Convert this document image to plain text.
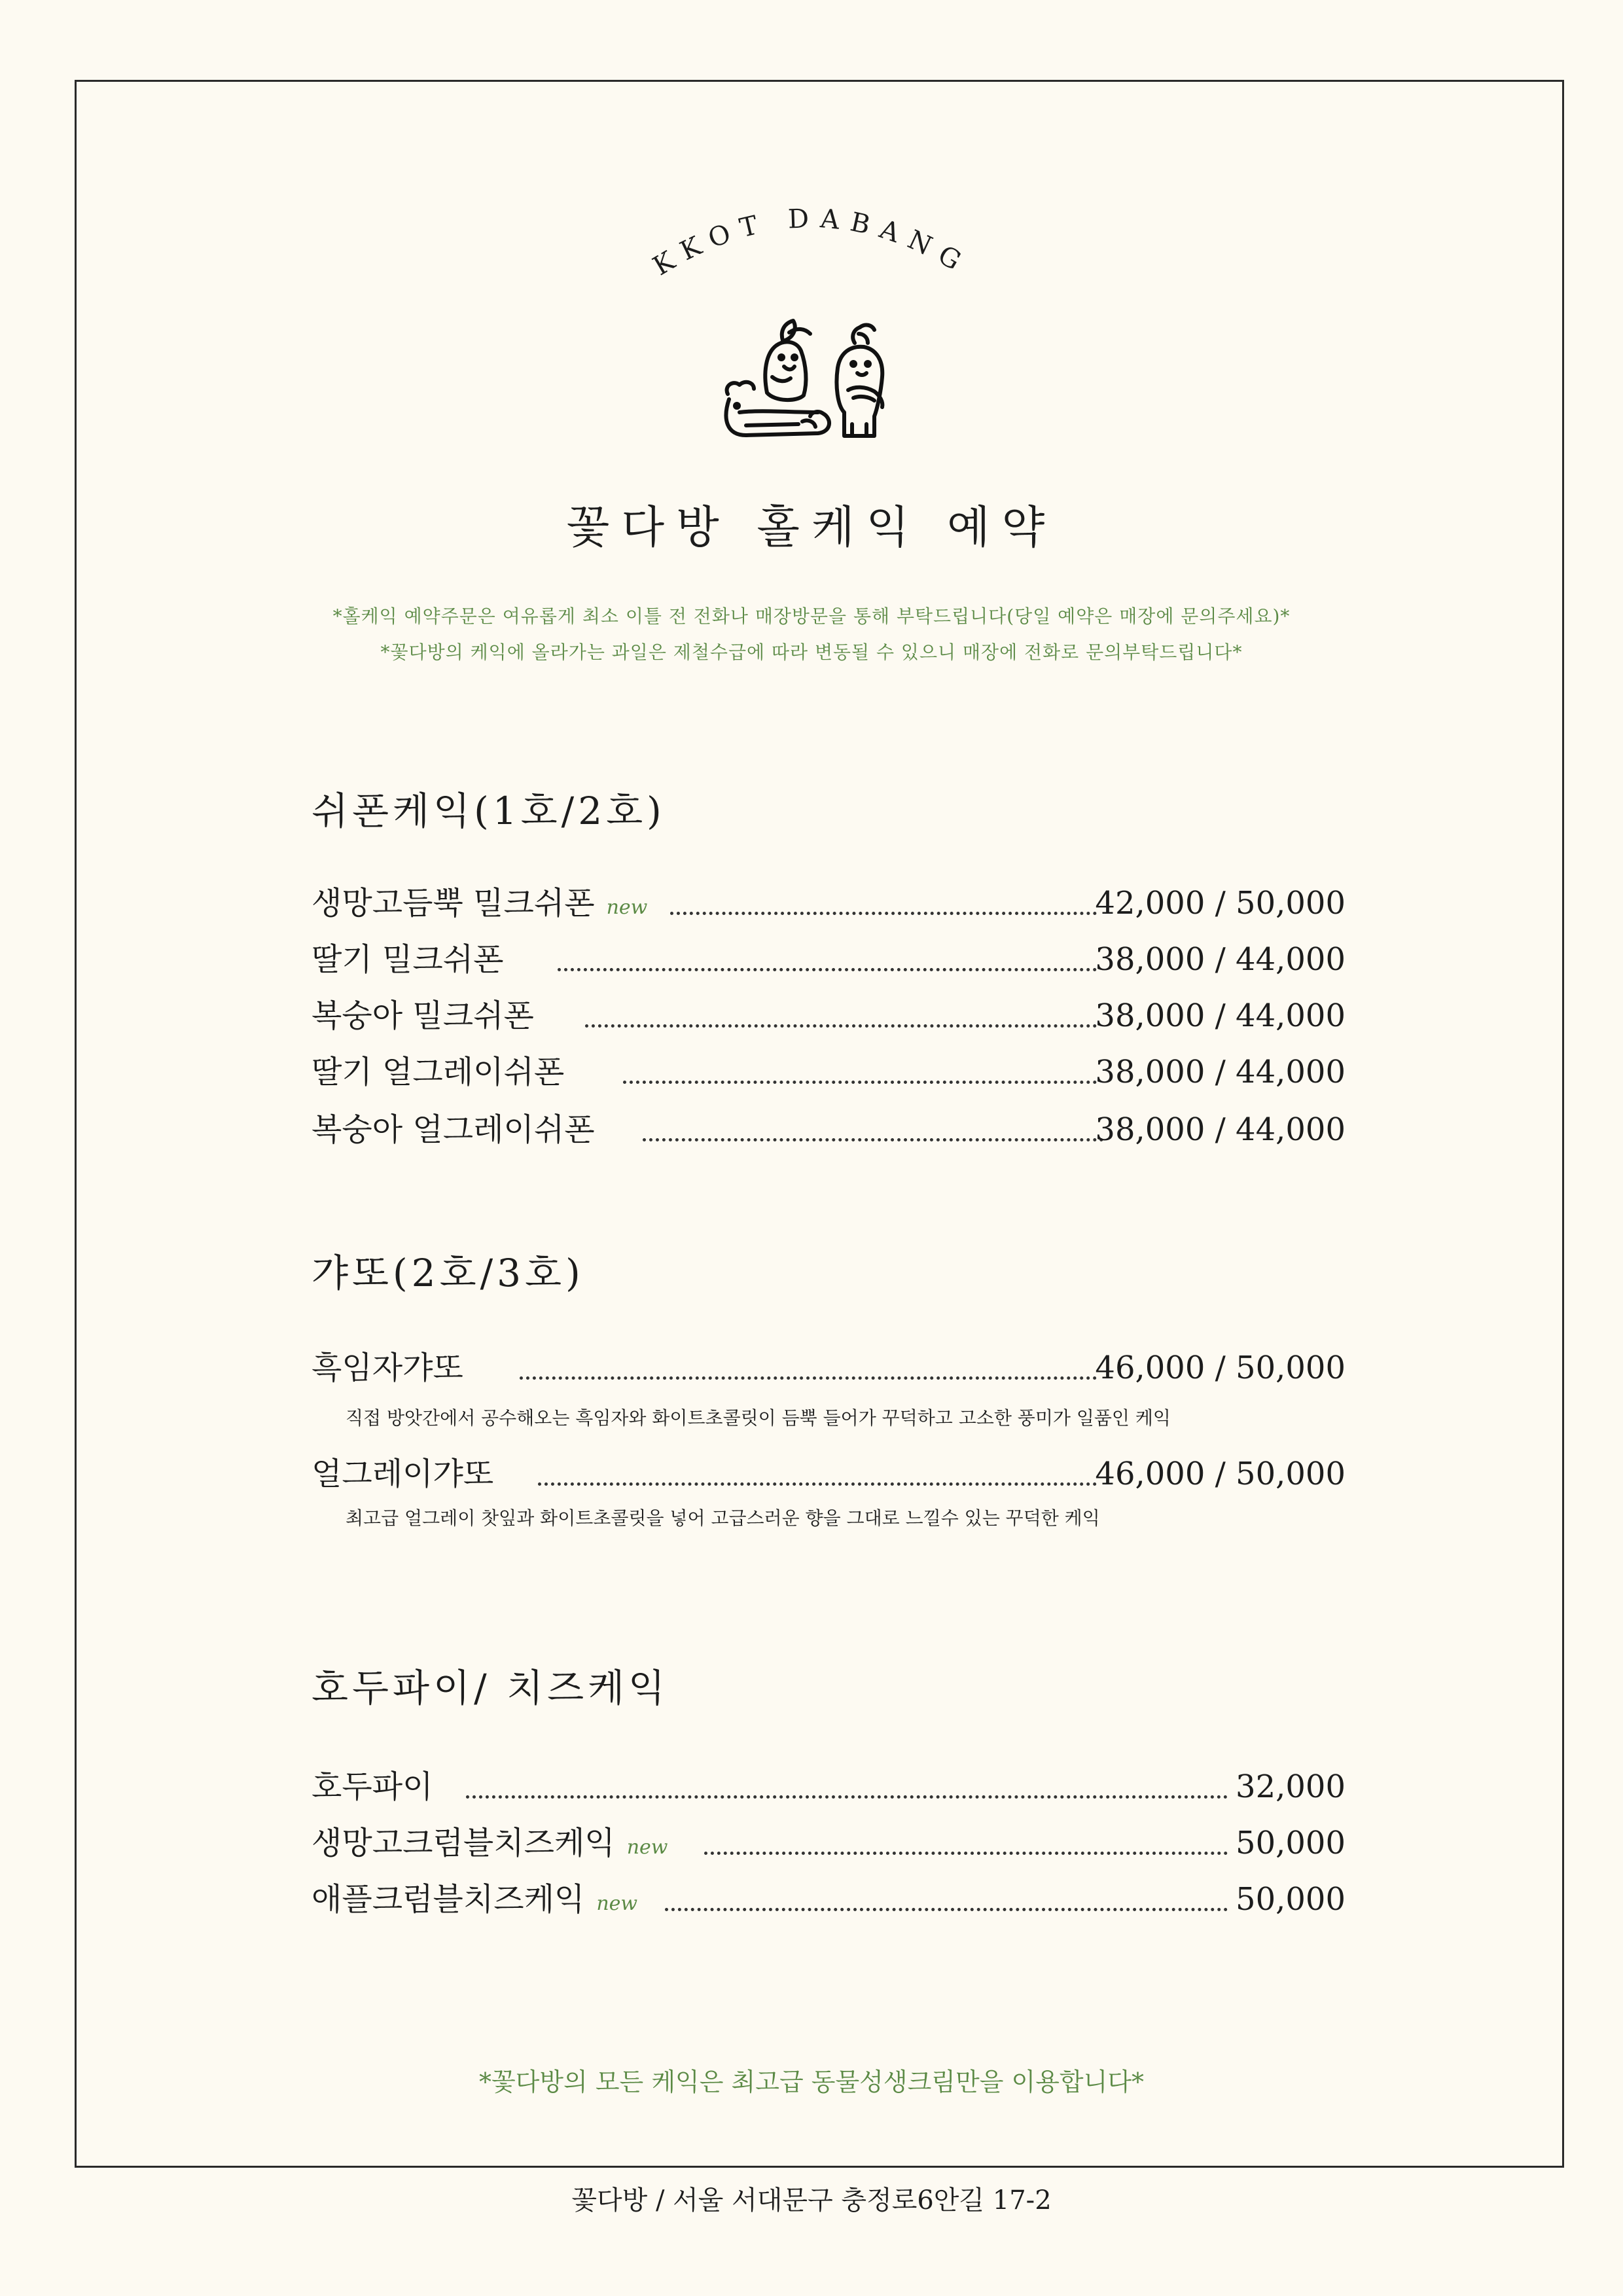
KKOT DABANG
꽃다방 홀케익 예약
*홀케익 예약주문은 여유롭게 최소 이틀 전 전화나 매장방문을 통해 부탁드립니다(당일 예약은 매장에 문의주세요)*
*꽃다방의 케익에 올라가는 과일은 제철수급에 따라 변동될 수 있으니 매장에 전화로 문의부탁드립니다*
쉬폰케익(1호/2호)
생망고듬뿍 밀크쉬폰 new	42,000 / 50,000
딸기 밀크쉬폰	38,000 / 44,000
복숭아 밀크쉬폰	38,000 / 44,000
딸기 얼그레이쉬폰	38,000 / 44,000
복숭아 얼그레이쉬폰	38,000 / 44,000
갸또(2호/3호)
흑임자갸또	46,000 / 50,000
직접 방앗간에서 공수해오는 흑임자와 화이트초콜릿이 듬뿍 들어가 꾸덕하고 고소한 풍미가 일품인 케익
얼그레이갸또	46,000 / 50,000
최고급 얼그레이 찻잎과 화이트초콜릿을 넣어 고급스러운 향을 그대로 느낄수 있는 꾸덕한 케익
호두파이/ 치즈케익
호두파이	32,000
생망고크럼블치즈케익 new	50,000
애플크럼블치즈케익 new	50,000
*꽃다방의 모든 케익은 최고급 동물성생크림만을 이용합니다*
꽃다방 / 서울 서대문구 충정로6안길 17-2
